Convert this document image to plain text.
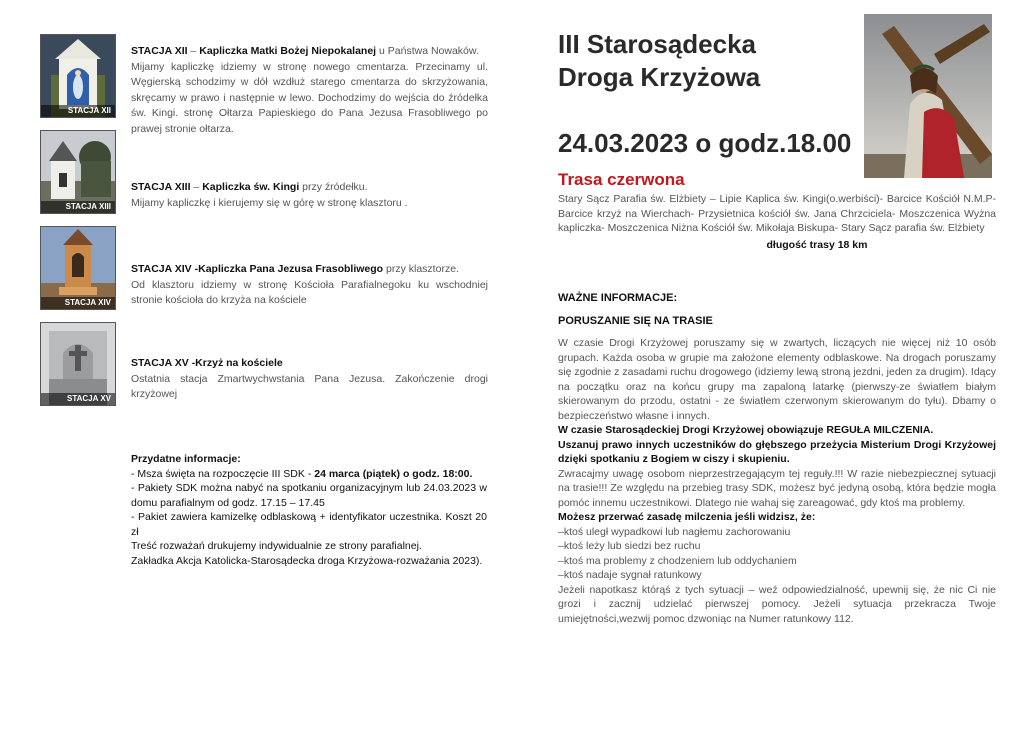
STACJA XII
STACJA XII – Kapliczka Matki Bożej Niepokalanej u Państwa Nowaków.
Mijamy kapliczkę idziemy w stronę nowego cmentarza. Przecinamy ul. Węgierską schodzimy w dół wzdłuż starego cmentarza do skrzyżowania, skręcamy w prawo i następnie w lewo. Dochodzimy do wejścia do źródełka św. Kingi. stronę Ołtarza Papieskiego do Pana Jezusa Frasobliwego po prawej stronie ołtarza.
STACJA XIII
STACJA XIII – Kapliczka św. Kingi przy źródełku.
Mijamy kapliczkę i kierujemy się w górę w stronę klasztoru .
STACJA XIV
STACJA XIV -Kapliczka Pana Jezusa Frasobliwego przy klasztorze.
Od klasztoru idziemy w stronę Kościoła Parafialnegoku ku wschodniej stronie kościoła do krzyża na kościele
STACJA XV
STACJA XV -Krzyż na kościele
Ostatnia stacja Zmartwychwstania Pana Jezusa. Zakończenie drogi krzyżowej
Przydatne informacje:
- Msza święta na rozpoczęcie III SDK - 24 marca (piątek) o godz. 18:00.
- Pakiety SDK można nabyć na spotkaniu organizacyjnym lub 24.03.2023 w domu parafialnym od godz. 17.15 – 17.45
- Pakiet zawiera kamizelkę odblaskową + identyfikator uczestnika. Koszt 20 zł
Treść rozważań drukujemy indywidualnie ze strony parafialnej.
Zakładka Akcja Katolicka-Starosądecka droga Krzyżowa-rozważania 2023).
III Starosądecka
Droga Krzyżowa
24.03.2023 o godz.18.00
Trasa czerwona
Stary Sącz Parafia św. Elżbiety – Lipie Kaplica św. Kingi(o.werbiści)- Barcice Kościół N.M.P- Barcice krzyż na Wierchach- Przysietnica kościół św. Jana Chrzciciela- Moszczenica Wyżna kapliczka- Moszczenica Niżna Kościół św. Mikołaja Biskupa- Stary Sącz parafia św. Elżbiety
długość trasy 18 km
WAŻNE INFORMACJE:
PORUSZANIE SIĘ NA TRASIE
W czasie Drogi Krzyżowej poruszamy się w zwartych, liczących nie więcej niż 10 osób grupach. Każda osoba w grupie ma założone elementy odblaskowe. Na drogach poruszamy się zgodnie z zasadami ruchu drogowego (idziemy lewą stroną jezdni, jeden za drugim). Idący na początku oraz na końcu grupy ma zapaloną latarkę (pierwszy-ze światłem białym skierowanym do przodu, ostatni - ze światłem czerwonym skierowanym do tyłu). Dbamy o bezpieczeństwo własne i innych.
W czasie Starosądeckiej Drogi Krzyżowej obowiązuje REGUŁA MILCZENIA.
Uszanuj prawo innych uczestników do głębszego przeżycia Misterium Drogi Krzyżowej dzięki spotkaniu z Bogiem w ciszy i skupieniu.
Zwracajmy uwagę osobom nieprzestrzegającym tej reguły.!!! W razie niebezpiecznej sytuacji na trasie!!! Ze względu na przebieg trasy SDK, możesz być jedyną osobą, która będzie mogła pomóc innemu uczestnikowi. Dlatego nie wahaj się zareagować, gdy ktoś ma problemy.
Możesz przerwać zasadę milczenia jeśli widzisz, że:
–ktoś uległ wypadkowi lub nagłemu zachorowaniu
–ktoś leży lub siedzi bez ruchu
–ktoś ma problemy z chodzeniem lub oddychaniem
–ktoś nadaje sygnał ratunkowy
Jeżeli napotkasz którąś z tych sytuacji – weź odpowiedzialność, upewnij się, że nic Ci nie grozi i zacznij udzielać pierwszej pomocy. Jeżeli sytuacja przekracza Twoje umiejętności,wezwij pomoc dzwoniąc na Numer ratunkowy 112.
